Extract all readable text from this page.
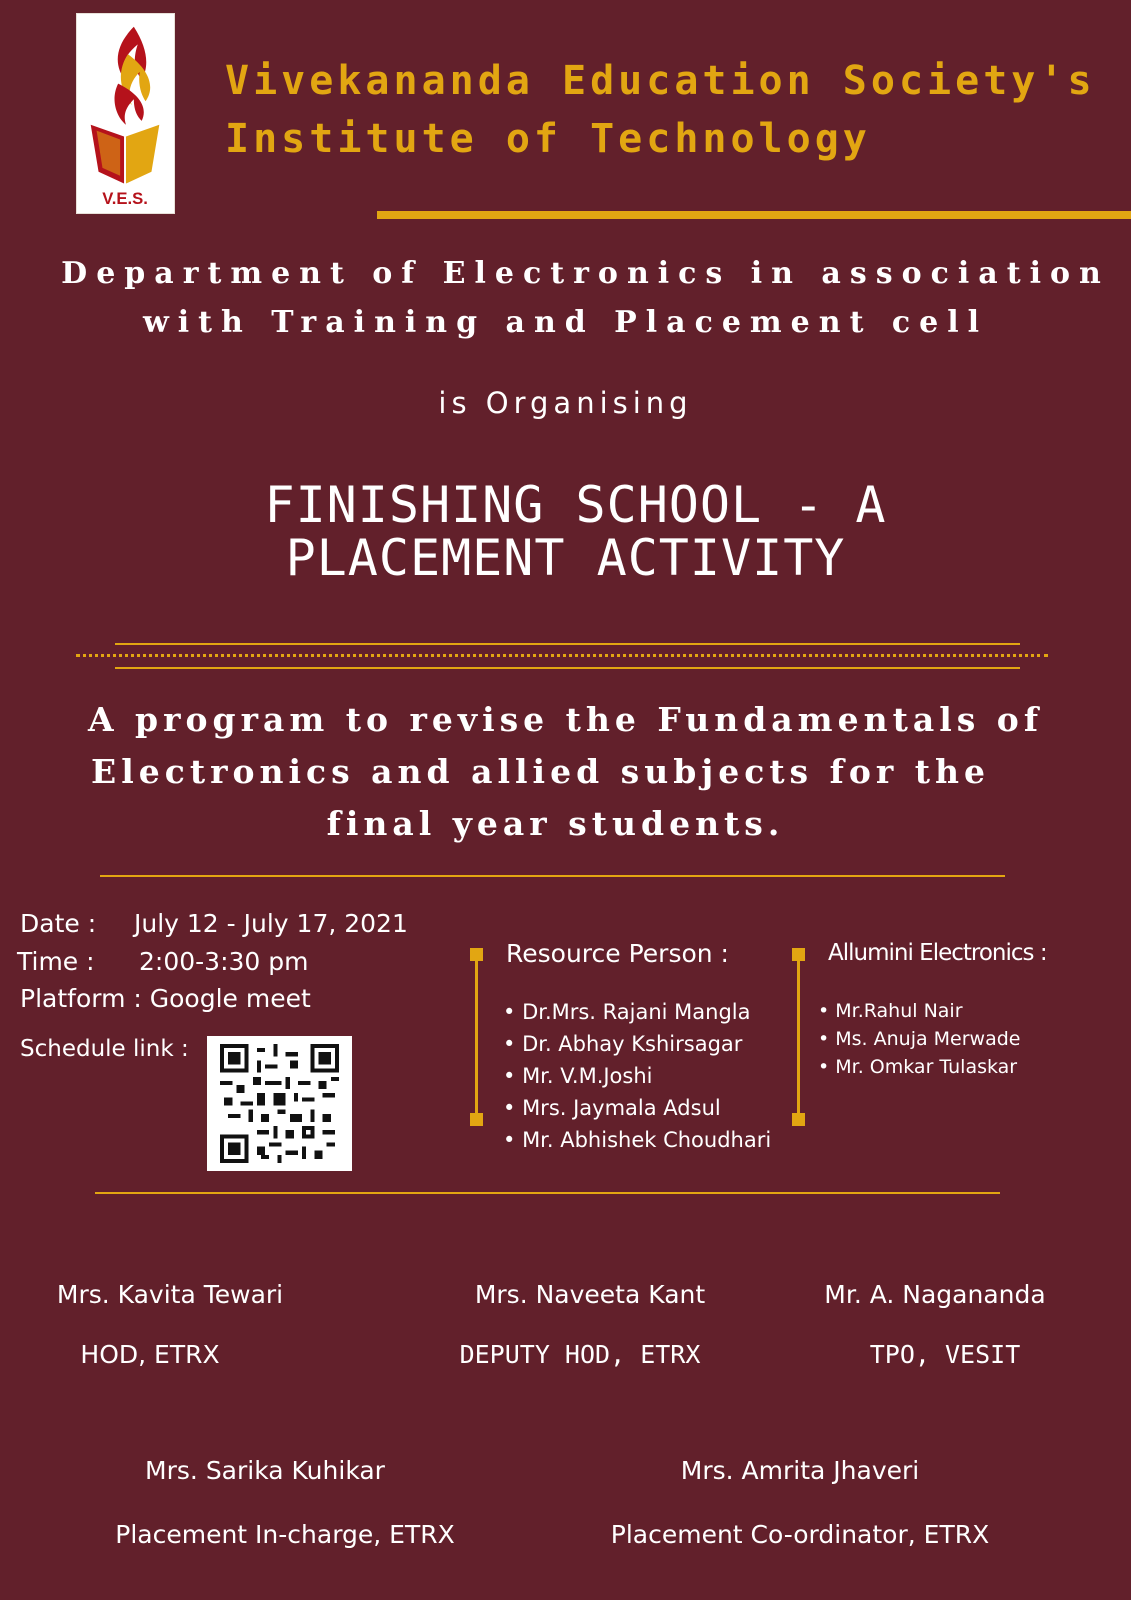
V.E.S.
Vivekananda Education Society's
Institute of Technology
Department of Electronics in association
with Training and Placement cell
is Organising
FINISHING SCHOOL - A
PLACEMENT ACTIVITY
A program to revise the Fundamentals of
Electronics and allied subjects for the
final year students.
Date : July 12 - July 17, 2021
Time : 2:00-3:30 pm
Platform : Google meet
Schedule link :
Resource Person :
• Dr.Mrs. Rajani Mangla
• Dr. Abhay Kshirsagar
• Mr. V.M.Joshi
• Mrs. Jaymala Adsul
• Mr. Abhishek Choudhari
Allumini Electronics :
• Mr.Rahul Nair
• Ms. Anuja Merwade
• Mr. Omkar Tulaskar
Mrs. Kavita Tewari
HOD, ETRX
Mrs. Naveeta Kant
DEPUTY HOD, ETRX
Mr. A. Nagananda
TPO, VESIT
Mrs. Sarika Kuhikar
Placement In-charge, ETRX
Mrs. Amrita Jhaveri
Placement Co-ordinator, ETRX
